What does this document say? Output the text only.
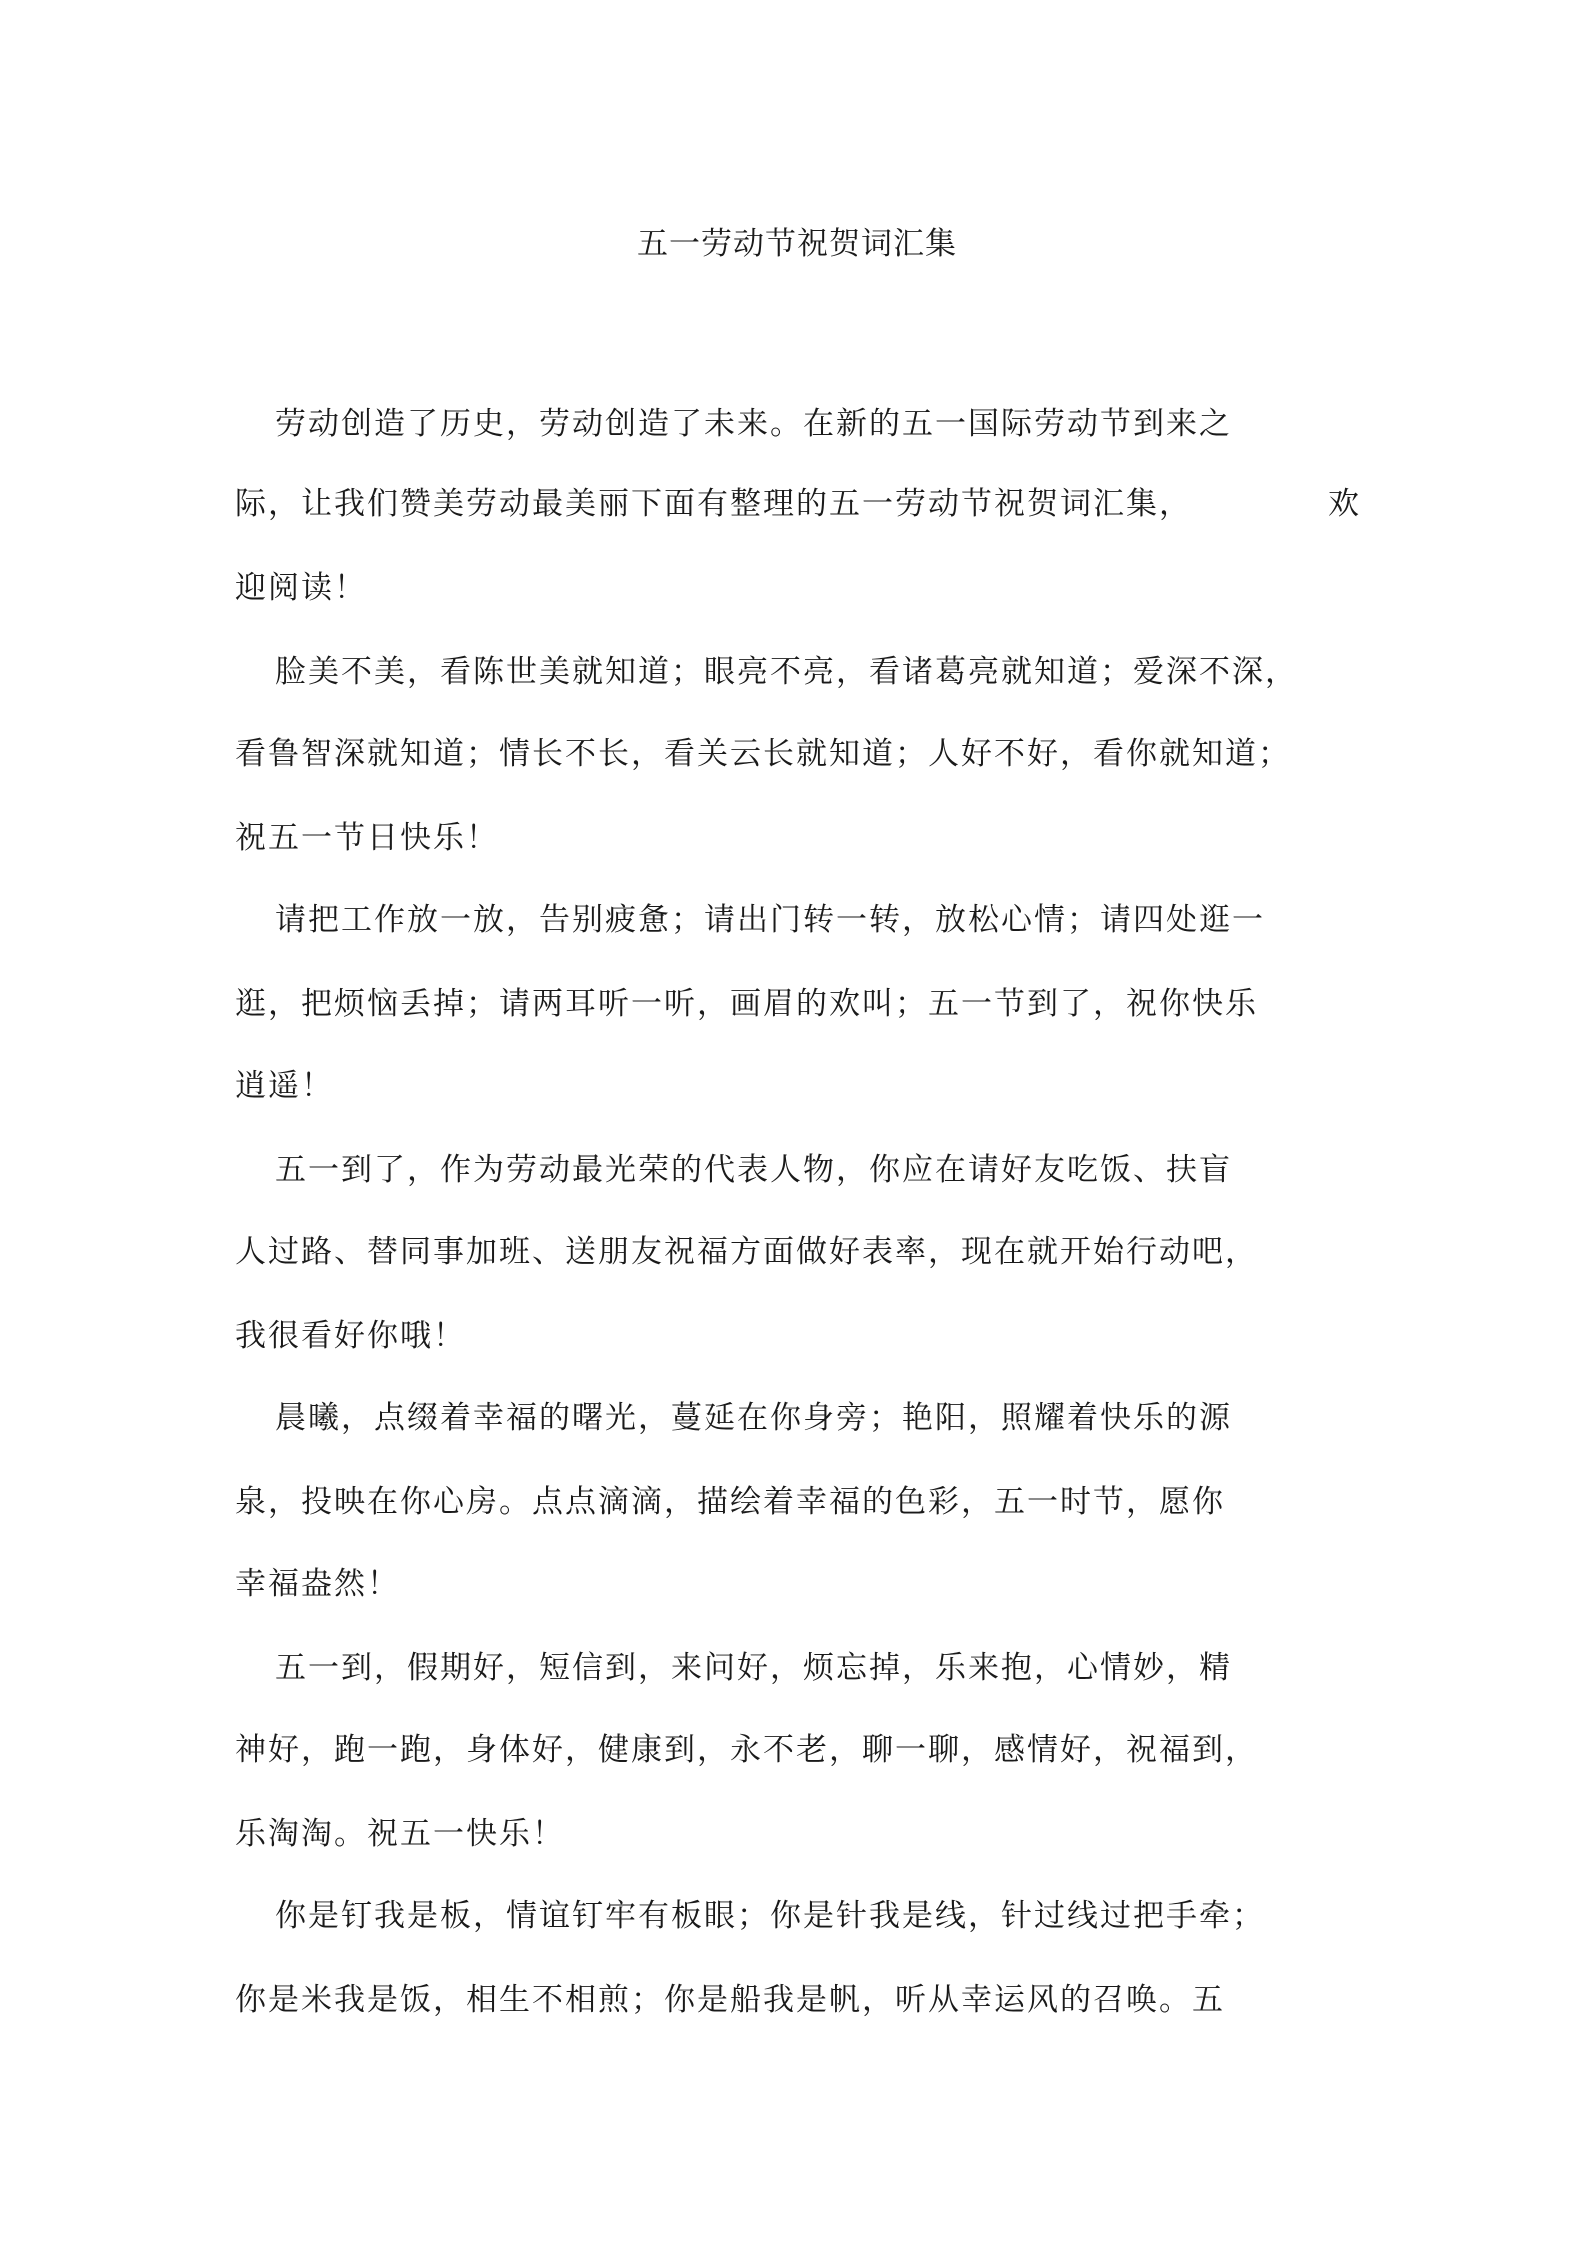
五一劳动节祝贺词汇集
劳动创造了历史，劳动创造了未来。在新的五一国际劳动节到来之
际，让我们赞美劳动最美丽下面有整理的五一劳动节祝贺词汇集，	欢
迎阅读！
脸美不美，看陈世美就知道；眼亮不亮，看诸葛亮就知道；爱深不深，
看鲁智深就知道；情长不长，看关云长就知道；人好不好，看你就知道；
祝五一节日快乐！
请把工作放一放，告别疲惫；请出门转一转，放松心情；请四处逛一
逛，把烦恼丢掉；请两耳听一听，画眉的欢叫；五一节到了，祝你快乐
逍遥！
五一到了，作为劳动最光荣的代表人物，你应在请好友吃饭、扶盲
人过路、替同事加班、送朋友祝福方面做好表率，现在就开始行动吧，
我很看好你哦！
晨曦，点缀着幸福的曙光，蔓延在你身旁；艳阳，照耀着快乐的源
泉，投映在你心房。点点滴滴，描绘着幸福的色彩，五一时节，愿你
幸福盎然！
五一到，假期好，短信到，来问好，烦忘掉，乐来抱，心情妙，精
神好，跑一跑，身体好，健康到，永不老，聊一聊，感情好，祝福到，
乐淘淘。祝五一快乐！
你是钉我是板，情谊钉牢有板眼；你是针我是线，针过线过把手牵；
你是米我是饭，相生不相煎；你是船我是帆，听从幸运风的召唤。五
